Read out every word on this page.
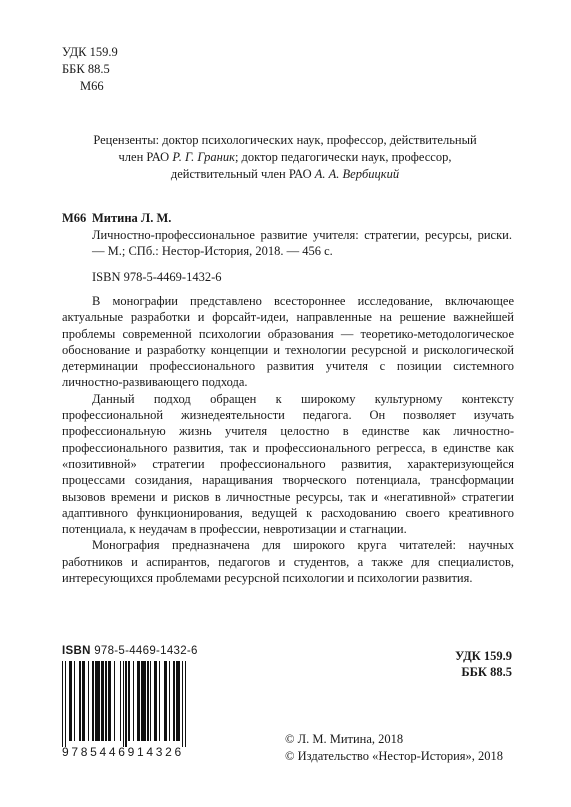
УДК 159.9
ББК 88.5
М66
Рецензенты: доктор психологических наук, профессор, действительный
член РАО Р. Г. Граник; доктор педагогически наук, профессор,
действительный член РАО А. А. Вербицкий
М66 Митина Л. М.
Личностно-профессиональное развитие учителя: стратегии, ресурсы, риски. — М.; СПб.: Нестор-История, 2018. — 456 с.
ISBN 978-5-4469-1432-6

В монографии представлено всестороннее исследование, включающее актуальные разработки и форсайт-идеи, направленные на решение важнейшей проблемы современной психологии образования — теоретико-методологическое обоснование и разработку концепции и технологии ресурсной и рискологической детерминации профессионального развития учителя с позиции системного личностно-развивающего подхода.

Данный подход обращен к широкому культурному контексту профессиональной жизнедеятельности педагога. Он позволяет изучать профессиональную жизнь учителя целостно в единстве как личностно-профессионального развития, так и профессионального регресса, в единстве как «позитивной» стратегии профессионального развития, характеризующейся процессами созидания, наращивания творческого потенциала, трансформации вызовов времени и рисков в личностные ресурсы, так и «негативной» стратегии адаптивного функционирования, ведущей к расходованию своего креативного потенциала, к неудачам в профессии, невротизации и стагнации.

Монография предназначена для широкого круга читателей: научных работников и аспирантов, педагогов и студентов, а также для специалистов, интересующихся проблемами ресурсной психологии и психологии развития.

ISBN 978-5-4469-1432-6
9785446914326
УДК 159.9
ББК 88.5
© Л. М. Митина, 2018
© Издательство «Нестор-История», 2018
